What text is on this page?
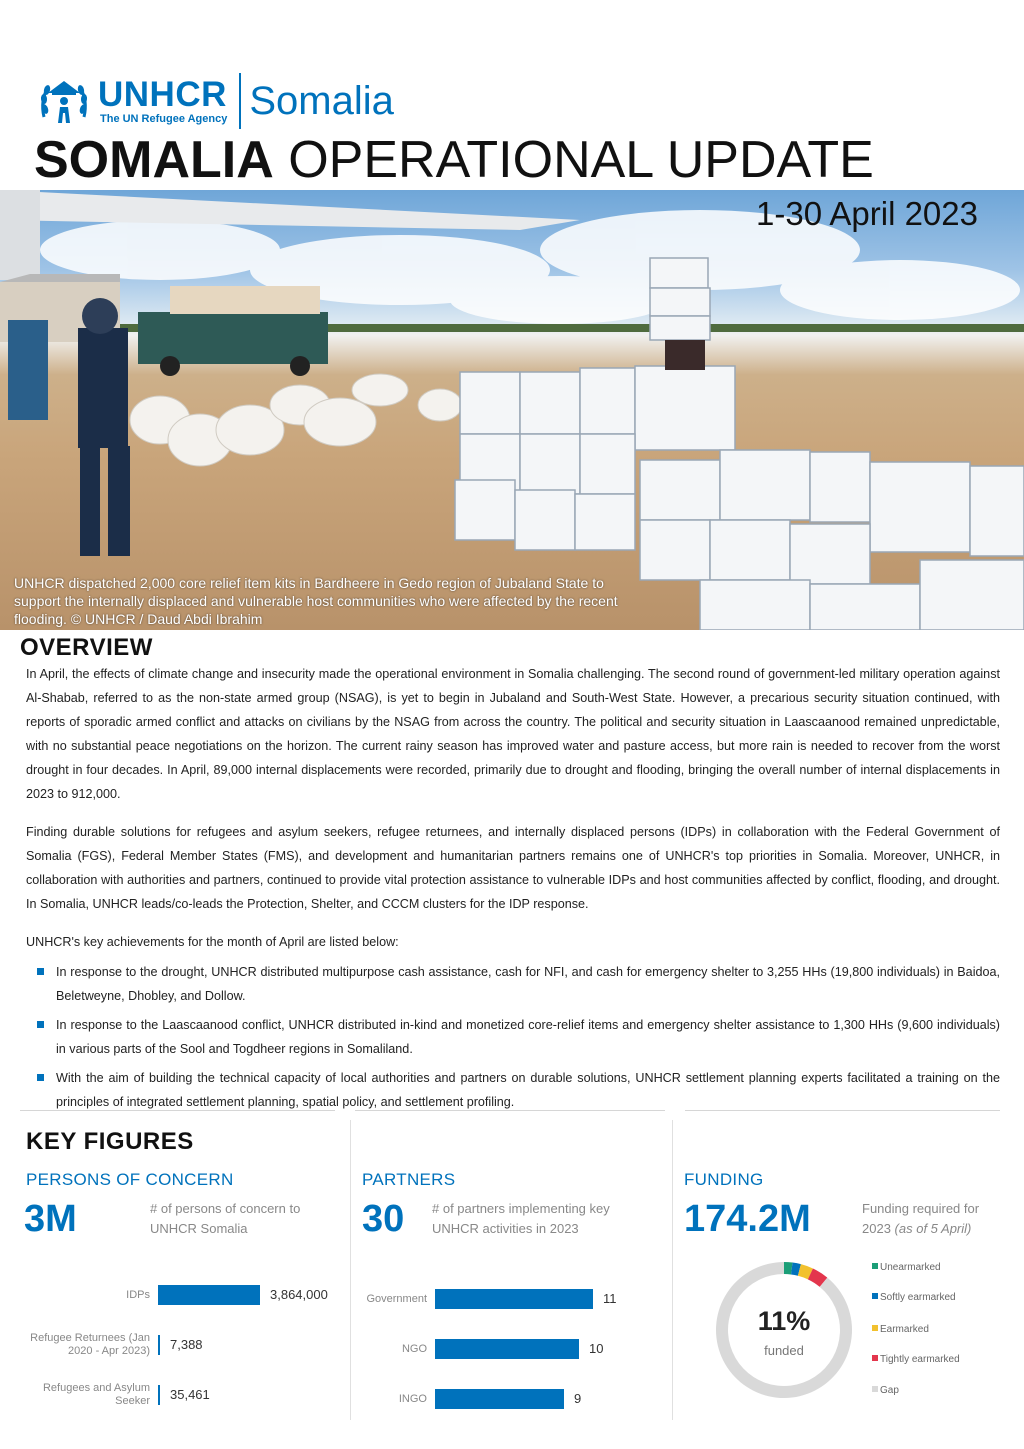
UNHCR
The UN Refugee Agency Somalia
SOMALIA OPERATIONAL UPDATE
1-30 April 2023
UNHCR dispatched 2,000 core relief item kits in Bardheere in Gedo region of Jubaland State to support the internally displaced and vulnerable host communities who were affected by the recent flooding. © UNHCR / Daud Abdi Ibrahim
OVERVIEW

In April, the effects of climate change and insecurity made the operational environment in Somalia challenging. The second round of government-led military operation against Al-Shabab, referred to as the non-state armed group (NSAG), is yet to begin in Jubaland and South-West State. However, a precarious security situation continued, with reports of sporadic armed conflict and attacks on civilians by the NSAG from across the country. The political and security situation in Laascaanood remained unpredictable, with no substantial peace negotiations on the horizon. The current rainy season has improved water and pasture access, but more rain is needed to recover from the worst drought in four decades. In April, 89,000 internal displacements were recorded, primarily due to drought and flooding, bringing the overall number of internal displacements in 2023 to 912,000.

Finding durable solutions for refugees and asylum seekers, refugee returnees, and internally displaced persons (IDPs) in collaboration with the Federal Government of Somalia (FGS), Federal Member States (FMS), and development and humanitarian partners remains one of UNHCR's top priorities in Somalia. Moreover, UNHCR, in collaboration with authorities and partners, continued to provide vital protection assistance to vulnerable IDPs and host communities affected by conflict, flooding, and drought. In Somalia, UNHCR leads/co-leads the Protection, Shelter, and CCCM clusters for the IDP response.

UNHCR's key achievements for the month of April are listed below:

In response to the drought, UNHCR distributed multipurpose cash assistance, cash for NFI, and cash for emergency shelter to 3,255 HHs (19,800 individuals) in Baidoa, Beletweyne, Dhobley, and Dollow.
In response to the Laascaanood conflict, UNHCR distributed in-kind and monetized core-relief items and emergency shelter assistance to 1,300 HHs (9,600 individuals) in various parts of the Sool and Togdheer regions in Somaliland.
With the aim of building the technical capacity of local authorities and partners on durable solutions, UNHCR settlement planning experts facilitated a training on the principles of integrated settlement planning, spatial policy, and settlement profiling.
KEY FIGURES
PERSONS OF CONCERN
3M	# of persons of concern to UNHCR Somalia
IDPs	3,864,000
Refugee Returnees (Jan 2020 - Apr 2023) 7,388
Refugees and Asylum Seeker 35,461
PARTNERS
30 # of partners implementing key UNHCR activities in 2023
Government	11
NGO	10
INGO	9
FUNDING
174.2M	Funding required for 2023 (as of 5 April)
11%
funded
Unearmarked
Softly earmarked
Earmarked
Tightly earmarked
Gap
